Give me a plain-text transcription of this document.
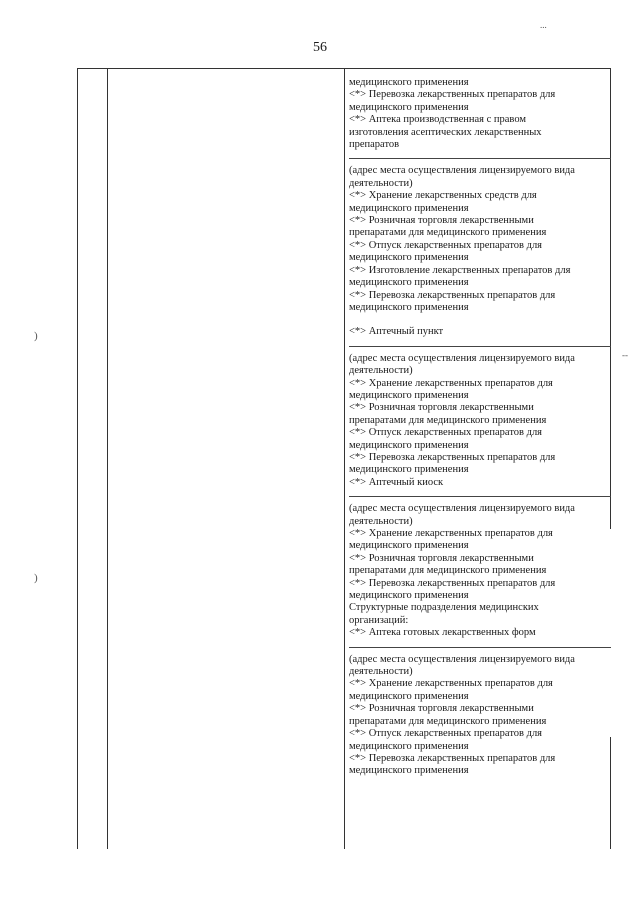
56

медицинского применения

<*> Перевозка лекарственных препаратов для

медицинского применения

<*> Аптека производственная с правом

изготовления асептических лекарственных

препаратов

(адрес места осуществления лицензируемого вида

деятельности)

<*> Хранение лекарственных средств для

медицинского применения

<*> Розничная торговля лекарственными

препаратами для медицинского применения

<*> Отпуск лекарственных препаратов для

медицинского применения

<*> Изготовление лекарственных препаратов для

медицинского применения

<*> Перевозка лекарственных препаратов для

медицинского применения

<*> Аптечный пункт

(адрес места осуществления лицензируемого вида

деятельности)

<*> Хранение лекарственных препаратов для

медицинского применения

<*> Розничная торговля лекарственными

препаратами для медицинского применения

<*> Отпуск лекарственных препаратов для

медицинского применения

<*> Перевозка лекарственных препаратов для

медицинского применения

<*> Аптечный киоск

(адрес места осуществления лицензируемого вида

деятельности)

<*> Хранение лекарственных препаратов для

медицинского применения

<*> Розничная торговля лекарственными

препаратами для медицинского применения

<*> Перевозка лекарственных препаратов для

медицинского применения

Структурные подразделения медицинских

организаций:

<*> Аптека готовых лекарственных форм

(адрес места осуществления лицензируемого вида

деятельности)

<*> Хранение лекарственных препаратов для

медицинского применения

<*> Розничная торговля лекарственными

препаратами для медицинского применения

<*> Отпуск лекарственных препаратов для

медицинского применения

<*> Перевозка лекарственных препаратов для

медицинского применения

)
)
--
...
